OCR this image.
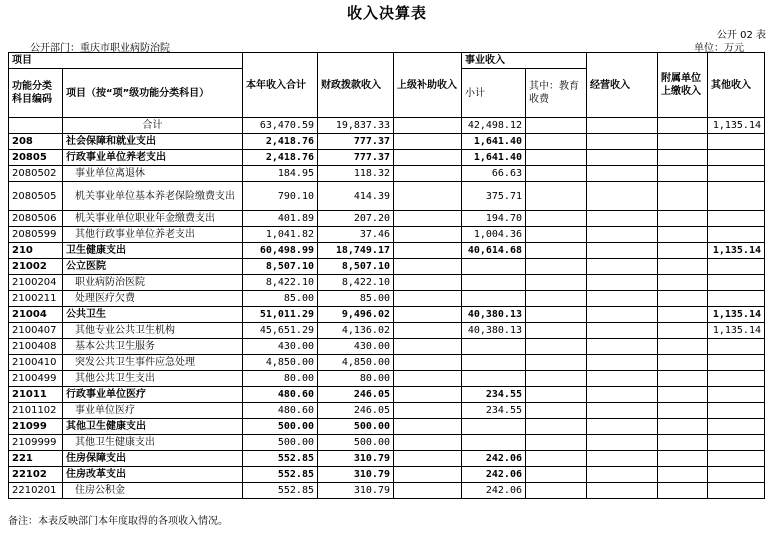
收入决算表
公开 02 表
公开部门：重庆市职业病防治院	单位：万元
项目		本年收入合计	财政拨款收入	上级补助收入	事业收入		经营收入	附属单位上缴收入	其他收入
功能分类科目编码	项目（按“项”级功能分类科目）				小计	其中：教育收费			

	合计	63,470.59	19,837.33		42,498.12				1,135.14
208	社会保障和就业支出	2,418.76	777.37		1,641.40				
20805	行政事业单位养老支出	2,418.76	777.37		1,641.40				
2080502	事业单位离退休	184.95	118.32		66.63				
2080505	机关事业单位基本养老保险缴费支出	790.10	414.39		375.71				
2080506	机关事业单位职业年金缴费支出	401.89	207.20		194.70				
2080599	其他行政事业单位养老支出	1,041.82	37.46		1,004.36				
210	卫生健康支出	60,498.99	18,749.17		40,614.68				1,135.14
21002	公立医院	8,507.10	8,507.10						
2100204	职业病防治医院	8,422.10	8,422.10						
2100211	处理医疗欠费	85.00	85.00						
21004	公共卫生	51,011.29	9,496.02		40,380.13				1,135.14
2100407	其他专业公共卫生机构	45,651.29	4,136.02		40,380.13				1,135.14
2100408	基本公共卫生服务	430.00	430.00						
2100410	突发公共卫生事件应急处理	4,850.00	4,850.00						
2100499	其他公共卫生支出	80.00	80.00						
21011	行政事业单位医疗	480.60	246.05		234.55				
2101102	事业单位医疗	480.60	246.05		234.55				
21099	其他卫生健康支出	500.00	500.00						
2109999	其他卫生健康支出	500.00	500.00						
221	住房保障支出	552.85	310.79		242.06				
22102	住房改革支出	552.85	310.79		242.06				
2210201	住房公积金	552.85	310.79		242.06				
备注：本表反映部门本年度取得的各项收入情况。
